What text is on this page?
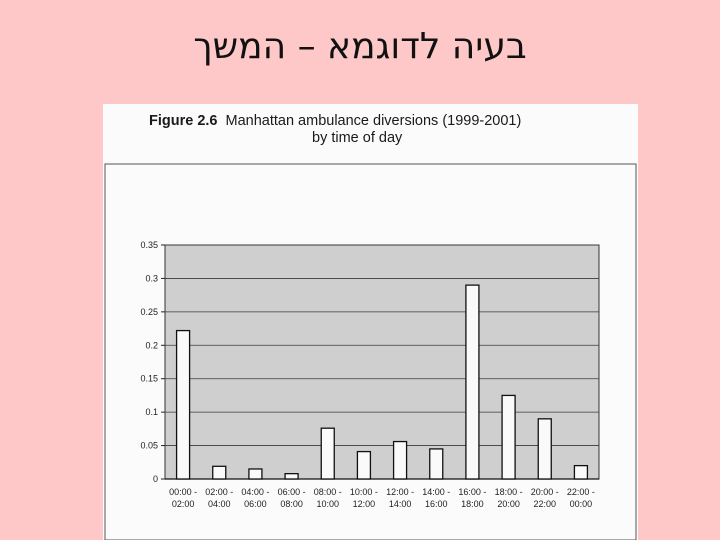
בעיה לדוגמא – המשך
Figure 2.6 Manhattan ambulance diversions (1999-2001)
by time of day
0
0.05
0.1
0.15
0.2
0.25
0.3
0.35
00:00 -02:00
02:00 -04:00
04:00 -06:00
06:00 -08:00
08:00 -10:00
10:00 -12:00
12:00 -14:00
14:00 -16:00
16:00 -18:00
18:00 -20:00
20:00 -22:00
22:00 -00:00
